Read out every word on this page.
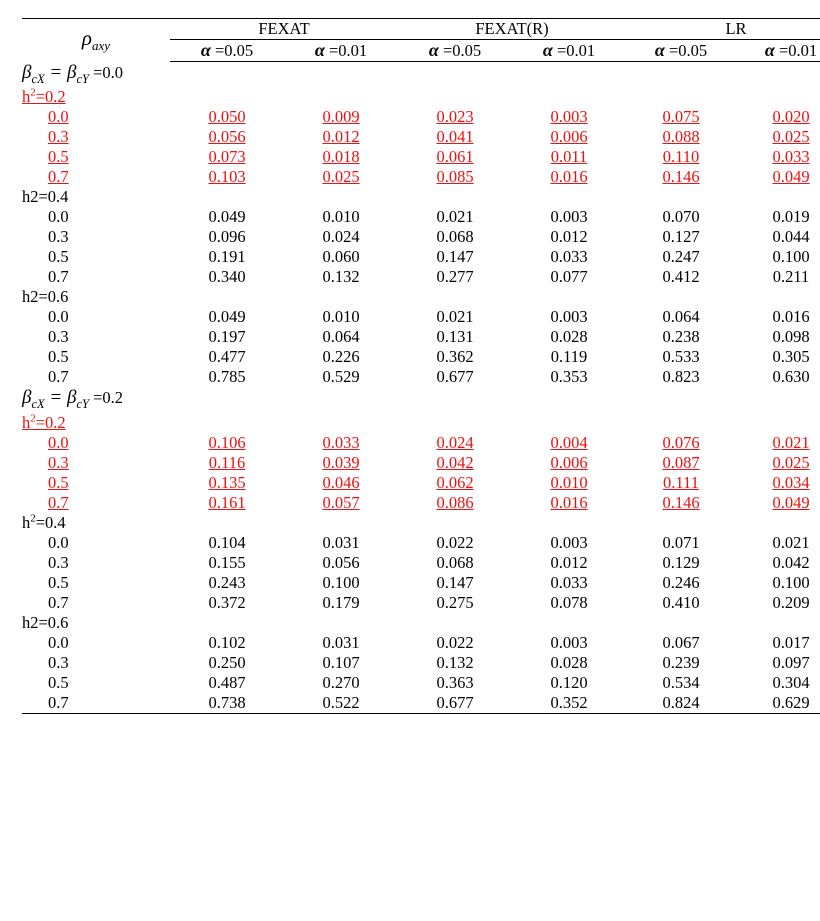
$\rho_{axy}$	FEXAT		FEXAT(R)		LR	
	α =0.05	α =0.01	α =0.05	α =0.01	α =0.05	α =0.01
$\beta_{cX} = \beta_{cY} =0.0$						
$h^2=0.2$						
0.0	0.050	0.009	0.023	0.003	0.075	0.020
0.3	0.056	0.012	0.041	0.006	0.088	0.025
0.5	0.073	0.018	0.061	0.011	0.110	0.033
0.7	0.103	0.025	0.085	0.016	0.146	0.049
h2=0.4						
0.0	0.049	0.010	0.021	0.003	0.070	0.019
0.3	0.096	0.024	0.068	0.012	0.127	0.044
0.5	0.191	0.060	0.147	0.033	0.247	0.100
0.7	0.340	0.132	0.277	0.077	0.412	0.211
h2=0.6						
0.0	0.049	0.010	0.021	0.003	0.064	0.016
0.3	0.197	0.064	0.131	0.028	0.238	0.098
0.5	0.477	0.226	0.362	0.119	0.533	0.305
0.7	0.785	0.529	0.677	0.353	0.823	0.630
$\beta_{cX} = \beta_{cY} =0.2$						
$h^2=0.2$						
0.0	0.106	0.033	0.024	0.004	0.076	0.021
0.3	0.116	0.039	0.042	0.006	0.087	0.025
0.5	0.135	0.046	0.062	0.010	0.111	0.034
0.7	0.161	0.057	0.086	0.016	0.146	0.049
$h^2=0.4$						
0.0	0.104	0.031	0.022	0.003	0.071	0.021
0.3	0.155	0.056	0.068	0.012	0.129	0.042
0.5	0.243	0.100	0.147	0.033	0.246	0.100
0.7	0.372	0.179	0.275	0.078	0.410	0.209
h2=0.6						
0.0	0.102	0.031	0.022	0.003	0.067	0.017
0.3	0.250	0.107	0.132	0.028	0.239	0.097
0.5	0.487	0.270	0.363	0.120	0.534	0.304
0.7	0.738	0.522	0.677	0.352	0.824	0.629
